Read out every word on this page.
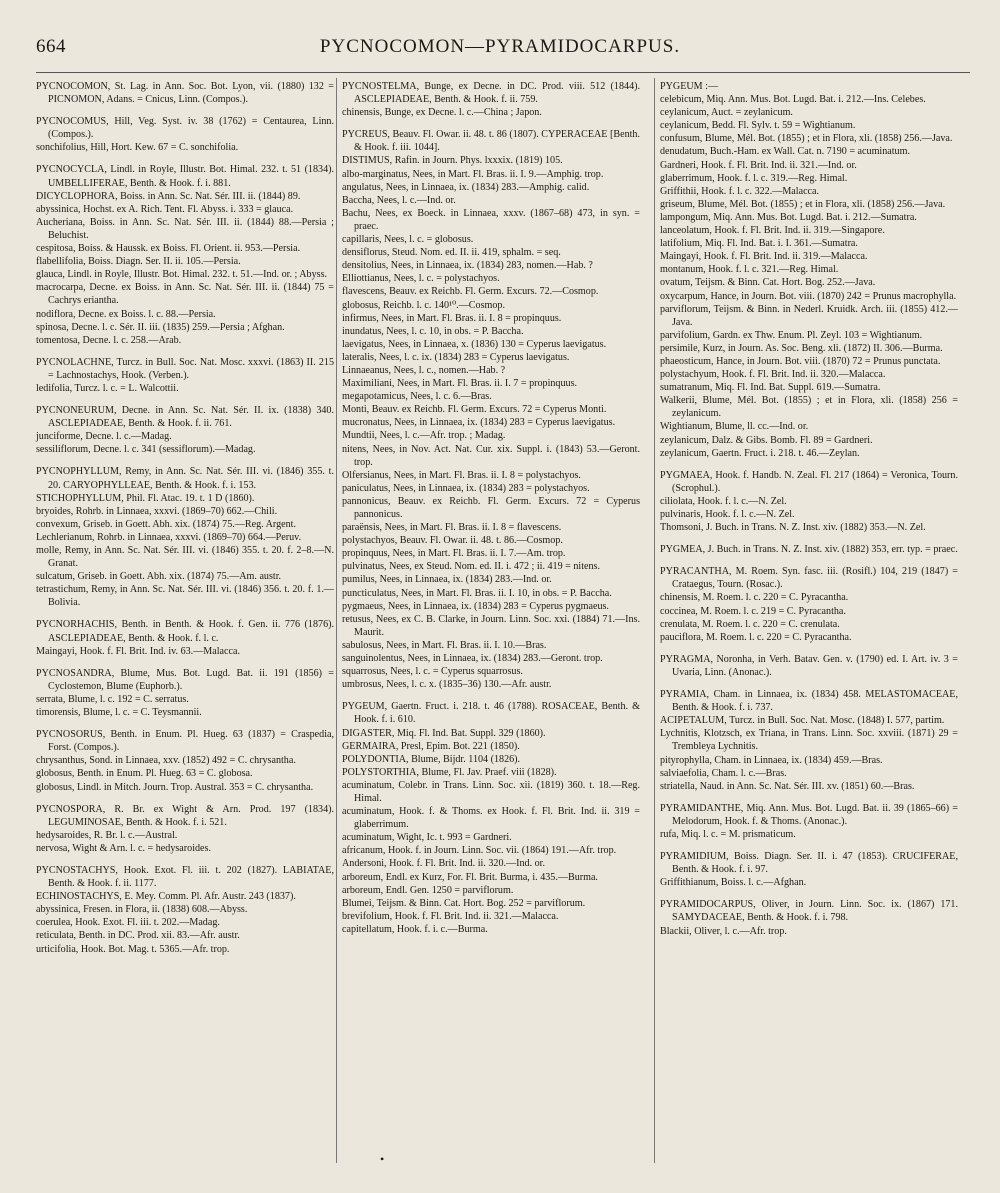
664	PYCNOCOMON—PYRAMIDOCARPUS.
PYCNOCOMON, St. Lag. in Ann. Soc. Bot. Lyon, vii. (1880) 132 = PICNOMON, Adans. = Cnicus, Linn. (Compos.).
PYCNOCOMUS, Hill, Veg. Syst. iv. 38 (1762) = Centaurea, Linn. (Compos.).
sonchifolius, Hill, Hort. Kew. 67 = C. sonchifolia.
PYCNOCYCLA, Lindl. in Royle, Illustr. Bot. Himal. 232. t. 51 (1834). UMBELLIFERAE, Benth. & Hook. f. i. 881.
DICYCLOPHORA, Boiss. in Ann. Sc. Nat. Sér. III. ii. (1844) 89.
abyssinica, Hochst. ex A. Rich. Tent. Fl. Abyss. i. 333 = glauca.
Aucheriana, Boiss. in Ann. Sc. Nat. Sér. III. ii. (1844) 88.—Persia ; Beluchist.
cespitosa, Boiss. & Haussk. ex Boiss. Fl. Orient. ii. 953.—Persia.
flabellifolia, Boiss. Diagn. Ser. II. ii. 105.—Persia.
glauca, Lindl. in Royle, Illustr. Bot. Himal. 232. t. 51.—Ind. or. ; Abyss.
macrocarpa, Decne. ex Boiss. in Ann. Sc. Nat. Sér. III. ii. (1844) 75 = Cachrys eriantha.
nodiflora, Decne. ex Boiss. l. c. 88.—Persia.
spinosa, Decne. l. c. Sér. II. iii. (1835) 259.—Persia ; Afghan.
tomentosa, Decne. l. c. 258.—Arab.
PYCNOLACHNE, Turcz. in Bull. Soc. Nat. Mosc. xxxvi. (1863) II. 215 = Lachnostachys, Hook. (Verben.).
ledifolia, Turcz. l. c. = L. Walcottii.
PYCNONEURUM, Decne. in Ann. Sc. Nat. Sér. II. ix. (1838) 340. ASCLEPIADEAE, Benth. & Hook. f. ii. 761.
junciforme, Decne. l. c.—Madag.
sessiliflorum, Decne. l. c. 341 (sessiflorum).—Madag.
PYCNOPHYLLUM, Remy, in Ann. Sc. Nat. Sér. III. vi. (1846) 355. t. 20. CARYOPHYLLEAE, Benth. & Hook. f. i. 153.
STICHOPHYLLUM, Phil. Fl. Atac. 19. t. 1 D (1860).
bryoides, Rohrb. in Linnaea, xxxvi. (1869–70) 662.—Chili.
convexum, Griseb. in Goett. Abh. xix. (1874) 75.—Reg. Argent.
Lechlerianum, Rohrb. in Linnaea, xxxvi. (1869–70) 664.—Peruv.
molle, Remy, in Ann. Sc. Nat. Sér. III. vi. (1846) 355. t. 20. f. 2–8.—N. Granat.
sulcatum, Griseb. in Goett. Abh. xix. (1874) 75.—Am. austr.
tetrastichum, Remy, in Ann. Sc. Nat. Sér. III. vi. (1846) 356. t. 20. f. 1.—Bolivia.
PYCNORHACHIS, Benth. in Benth. & Hook. f. Gen. ii. 776 (1876). ASCLEPIADEAE, Benth. & Hook. f. l. c.
Maingayi, Hook. f. Fl. Brit. Ind. iv. 63.—Malacca.
PYCNOSANDRA, Blume, Mus. Bot. Lugd. Bat. ii. 191 (1856) = Cyclostemon, Blume (Euphorb.).
serrata, Blume, l. c. 192 = C. serratus.
timorensis, Blume, l. c. = C. Teysmannii.
PYCNOSORUS, Benth. in Enum. Pl. Hueg. 63 (1837) = Craspedia, Forst. (Compos.).
chrysanthus, Sond. in Linnaea, xxv. (1852) 492 = C. chrysantha.
globosus, Benth. in Enum. Pl. Hueg. 63 = C. globosa.
globosus, Lindl. in Mitch. Journ. Trop. Austral. 353 = C. chrysantha.
PYCNOSPORA, R. Br. ex Wight & Arn. Prod. 197 (1834). LEGUMINOSAE, Benth. & Hook. f. i. 521.
hedysaroides, R. Br. l. c.—Austral.
nervosa, Wight & Arn. l. c. = hedysaroides.
PYCNOSTACHYS, Hook. Exot. Fl. iii. t. 202 (1827). LABIATAE, Benth. & Hook. f. ii. 1177.
ECHINOSTACHYS, E. Mey. Comm. Pl. Afr. Austr. 243 (1837).
abyssinica, Fresen. in Flora, ii. (1838) 608.—Abyss.
coerulea, Hook. Exot. Fl. iii. t. 202.—Madag.
reticulata, Benth. in DC. Prod. xii. 83.—Afr. austr.
urticifolia, Hook. Bot. Mag. t. 5365.—Afr. trop.
PYCNOSTELMA, Bunge, ex Decne. in DC. Prod. viii. 512 (1844). ASCLEPIADEAE, Benth. & Hook. f. ii. 759.
chinensis, Bunge, ex Decne. l. c.—China ; Japon.
PYCREUS, Beauv. Fl. Owar. ii. 48. t. 86 (1807). CYPERACEAE [Benth. & Hook. f. iii. 1044].
DISTIMUS, Rafin. in Journ. Phys. lxxxix. (1819) 105.
albo-marginatus, Nees, in Mart. Fl. Bras. ii. I. 9.—Amphig. trop.
angulatus, Nees, in Linnaea, ix. (1834) 283.—Amphig. calid.
Baccha, Nees, l. c.—Ind. or.
Bachu, Nees, ex Boeck. in Linnaea, xxxv. (1867–68) 473, in syn. = praec.
capillaris, Nees, l. c. = globosus.
densiflorus, Steud. Nom. ed. II. ii. 419, sphalm. = seq.
densitolius, Nees, in Linnaea, ix. (1834) 283, nomen.—Hab. ?
Elliottianus, Nees, l. c. = polystachyos.
flavescens, Beauv. ex Reichb. Fl. Germ. Excurs. 72.—Cosmop.
globosus, Reichb. l. c. 140¹⁰.—Cosmop.
infirmus, Nees, in Mart. Fl. Bras. ii. I. 8 = propinquus.
inundatus, Nees, l. c. 10, in obs. = P. Baccha.
laevigatus, Nees, in Linnaea, x. (1836) 130 = Cyperus laevigatus.
lateralis, Nees, l. c. ix. (1834) 283 = Cyperus laevigatus.
Linnaeanus, Nees, l. c., nomen.—Hab. ?
Maximiliani, Nees, in Mart. Fl. Bras. ii. I. 7 = propinquus.
megapotamicus, Nees, l. c. 6.—Bras.
Monti, Beauv. ex Reichb. Fl. Germ. Excurs. 72 = Cyperus Monti.
mucronatus, Nees, in Linnaea, ix. (1834) 283 = Cyperus laevigatus.
Mundtii, Nees, l. c.—Afr. trop. ; Madag.
nitens, Nees, in Nov. Act. Nat. Cur. xix. Suppl. i. (1843) 53.—Geront. trop.
Olfersianus, Nees, in Mart. Fl. Bras. ii. I. 8 = polystachyos.
paniculatus, Nees, in Linnaea, ix. (1834) 283 = polystachyos.
pannonicus, Beauv. ex Reichb. Fl. Germ. Excurs. 72 = Cyperus pannonicus.
paraënsis, Nees, in Mart. Fl. Bras. ii. I. 8 = flavescens.
polystachyos, Beauv. Fl. Owar. ii. 48. t. 86.—Cosmop.
propinquus, Nees, in Mart. Fl. Bras. ii. I. 7.—Am. trop.
pulvinatus, Nees, ex Steud. Nom. ed. II. i. 472 ; ii. 419 = nitens.
pumilus, Nees, in Linnaea, ix. (1834) 283.—Ind. or.
puncticulatus, Nees, in Mart. Fl. Bras. ii. I. 10, in obs. = P. Baccha.
pygmaeus, Nees, in Linnaea, ix. (1834) 283 = Cyperus pygmaeus.
retusus, Nees, ex C. B. Clarke, in Journ. Linn. Soc. xxi. (1884) 71.—Ins. Maurit.
sabulosus, Nees, in Mart. Fl. Bras. ii. I. 10.—Bras.
sanguinolentus, Nees, in Linnaea, ix. (1834) 283.—Geront. trop.
squarrosus, Nees, l. c. = Cyperus squarrosus.
umbrosus, Nees, l. c. x. (1835–36) 130.—Afr. austr.
PYGEUM, Gaertn. Fruct. i. 218. t. 46 (1788). ROSACEAE, Benth. & Hook. f. i. 610.
DIGASTER, Miq. Fl. Ind. Bat. Suppl. 329 (1860).
GERMAIRA, Presl, Epim. Bot. 221 (1850).
POLYDONTIA, Blume, Bijdr. 1104 (1826).
POLYSTORTHIA, Blume, Fl. Jav. Praef. viii (1828).
acuminatum, Colebr. in Trans. Linn. Soc. xii. (1819) 360. t. 18.—Reg. Himal.
acuminatum, Hook. f. & Thoms. ex Hook. f. Fl. Brit. Ind. ii. 319 = glaberrimum.
acuminatum, Wight, Ic. t. 993 = Gardneri.
africanum, Hook. f. in Journ. Linn. Soc. vii. (1864) 191.—Afr. trop.
Andersoni, Hook. f. Fl. Brit. Ind. ii. 320.—Ind. or.
arboreum, Endl. ex Kurz, For. Fl. Brit. Burma, i. 435.—Burma.
arboreum, Endl. Gen. 1250 = parviflorum.
Blumei, Teijsm. & Binn. Cat. Hort. Bog. 252 = parviflorum.
brevifolium, Hook. f. Fl. Brit. Ind. ii. 321.—Malacca.
capitellatum, Hook. f. i. c.—Burma.
PYGEUM :—
celebicum, Miq. Ann. Mus. Bot. Lugd. Bat. i. 212.—Ins. Celebes.
ceylanicum, Auct. = zeylanicum.
ceylanicum, Bedd. Fl. Sylv. t. 59 = Wightianum.
confusum, Blume, Mél. Bot. (1855) ; et in Flora, xli. (1858) 256.—Java.
denudatum, Buch.-Ham. ex Wall. Cat. n. 7190 = acuminatum.
Gardneri, Hook. f. Fl. Brit. Ind. ii. 321.—Ind. or.
glaberrimum, Hook. f. l. c. 319.—Reg. Himal.
Griffithii, Hook. f. l. c. 322.—Malacca.
griseum, Blume, Mél. Bot. (1855) ; et in Flora, xli. (1858) 256.—Java.
lampongum, Miq. Ann. Mus. Bot. Lugd. Bat. i. 212.—Sumatra.
lanceolatum, Hook. f. Fl. Brit. Ind. ii. 319.—Singapore.
latifolium, Miq. Fl. Ind. Bat. i. I. 361.—Sumatra.
Maingayi, Hook. f. Fl. Brit. Ind. ii. 319.—Malacca.
montanum, Hook. f. l. c. 321.—Reg. Himal.
ovatum, Teijsm. & Binn. Cat. Hort. Bog. 252.—Java.
oxycarpum, Hance, in Journ. Bot. viii. (1870) 242 = Prunus macrophylla.
parviflorum, Teijsm. & Binn. in Nederl. Kruidk. Arch. iii. (1855) 412.—Java.
parvifolium, Gardn. ex Thw. Enum. Pl. Zeyl. 103 = Wightianum.
persimile, Kurz, in Journ. As. Soc. Beng. xli. (1872) II. 306.—Burma.
phaeosticum, Hance, in Journ. Bot. viii. (1870) 72 = Prunus punctata.
polystachyum, Hook. f. Fl. Brit. Ind. ii. 320.—Malacca.
sumatranum, Miq. Fl. Ind. Bat. Suppl. 619.—Sumatra.
Walkerii, Blume, Mél. Bot. (1855) ; et in Flora, xli. (1858) 256 = zeylanicum.
Wightianum, Blume, ll. cc.—Ind. or.
zeylanicum, Dalz. & Gibs. Bomb. Fl. 89 = Gardneri.
zeylanicum, Gaertn. Fruct. i. 218. t. 46.—Zeylan.
PYGMAEA, Hook. f. Handb. N. Zeal. Fl. 217 (1864) = Veronica, Tourn. (Scrophul.).
ciliolata, Hook. f. l. c.—N. Zel.
pulvinaris, Hook. f. l. c.—N. Zel.
Thomsoni, J. Buch. in Trans. N. Z. Inst. xiv. (1882) 353.—N. Zel.
PYGMEA, J. Buch. in Trans. N. Z. Inst. xiv. (1882) 353, err. typ. = praec.
PYRACANTHA, M. Roem. Syn. fasc. iii. (Rosifl.) 104, 219 (1847) = Crataegus, Tourn. (Rosac.).
chinensis, M. Roem. l. c. 220 = C. Pyracantha.
coccinea, M. Roem. l. c. 219 = C. Pyracantha.
crenulata, M. Roem. l. c. 220 = C. crenulata.
pauciflora, M. Roem. l. c. 220 = C. Pyracantha.
PYRAGMA, Noronha, in Verh. Batav. Gen. v. (1790) ed. I. Art. iv. 3 = Uvaria, Linn. (Anonac.).
PYRAMIA, Cham. in Linnaea, ix. (1834) 458. MELASTOMACEAE, Benth. & Hook. f. i. 737.
ACIPETALUM, Turcz. in Bull. Soc. Nat. Mosc. (1848) I. 577, partim.
Lychnitis, Klotzsch, ex Triana, in Trans. Linn. Soc. xxviii. (1871) 29 = Trembleya Lychnitis.
pityrophylla, Cham. in Linnaea, ix. (1834) 459.—Bras.
salviaefolia, Cham. l. c.—Bras.
striatella, Naud. in Ann. Sc. Nat. Sér. III. xv. (1851) 60.—Bras.
PYRAMIDANTHE, Miq. Ann. Mus. Bot. Lugd. Bat. ii. 39 (1865–66) = Melodorum, Hook. f. & Thoms. (Anonac.).
rufa, Miq. l. c. = M. prismaticum.
PYRAMIDIUM, Boiss. Diagn. Ser. II. i. 47 (1853). CRUCIFERAE, Benth. & Hook. f. i. 97.
Griffithianum, Boiss. l. c.—Afghan.
PYRAMIDOCARPUS, Oliver, in Journ. Linn. Soc. ix. (1867) 171. SAMYDACEAE, Benth. & Hook. f. i. 798.
Blackii, Oliver, l. c.—Afr. trop.
•
